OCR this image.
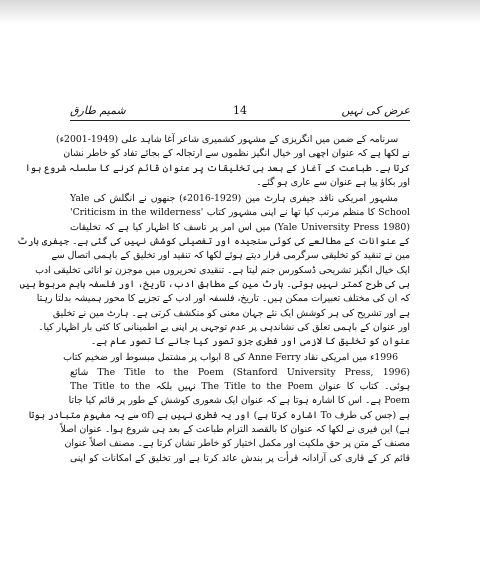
شمیم طارق	14	عرض کی نہیں
سرنامہ کے ضمن میں انگریزی کے مشہور کشمیری شاعر آغا شاہد علی (1949-2001ء)
نے لکھا ہے کہ عنوان اچھی اور خیال انگیز نظموں سے ارتجالہ کے بجائے تفاد کو خاطر نشان
کرتا ہے۔ طباعت کے آغاز کے بعد ہی تخلیقات پر عنوان قائم کرنے کا سلسلہ شروع ہوا
اور بکاؤ پیا ہے عنوان سے عاری ہو گئے۔
مشہور امریکی ناقد جیفری ہارٹ مین (1929-2016ء) جنھوں نے انگلش کی Yale
School کا منظم مرتب کیا تھا نے اپنی مشہور کتاب 'Criticism in the wilderness'
(Yale University Press 1980) میں اس امر پر تاسف کا اظہار کیا ہے کہ تخلیقات
کے عنوانات کے مطالعے کی کوئی سنجیدہ اور تفصیلی کوشش نہیں کی گئی ہے۔ جیفری ہارٹ
مین نے تنقید کو تخلیقی سرگرمی قرار دیتے ہوئے لکھا کہ تنقید اور تخلیق کے باہمی اتصال سے
ایک خیال انگیز تشریحی ڈسکورس جنم لیتا ہے۔ تنقیدی تحریروں میں موجزن تو انائی تخلیقی ادب
ہی کی طرح کمتر نہیں ہوتی۔ ہارٹ مین کے مطابق ادب، تاریخ، اور فلسفہ باہم مربوط ہیں
کہ ان کی مختلف تعبیرات ممکن ہیں۔ تاریخ، فلسفہ اور ادب کے تجزیے کا محور ہمیشہ بدلتا رہتا
ہے اور تشریح کی ہر کوشش ایک نئے جہان معنی کو منکشف کرتی ہے۔ ہارٹ مین نے تخلیق
اور عنوان کے باہمی تعلق کی نشاندہی پر عدم توجہی پر اپنی بے اطمینانی کا کئی بار اظہار کیا۔
عنوان کو تخلیق کا لازمی اور فطری جزو تصور کیا جانے کا تصور عام ہے۔
1996ء میں امریکی نقاد Anne Ferry کی 8 ابواب پر مشتمل مبسوط اور ضخیم کتاب
(Stanford University Press, 1996) The Title to the Poem شائع
ہوئی۔ کتاب کا عنوان The Title to the Poem نہیں بلکہ The Title to the
Poem ہے۔ اس کا اشارہ ہوتا ہے کہ عنوان ایک شعوری کوشش کے طور پر قائم کیا جاتا
ہے (جس کی طرف To اشارہ کرتا ہے) اور یہ فطری نہیں ہے (of سے یہ مفہوم متبادر ہوتا
ہے) این فیری نے لکھا کہ عنوان کا بالقصد التزام طباعت کے بعد ہی شروع ہوا۔ عنوان اصلاً
مصنف کے متن پر حق ملکیت اور مکمل اختیار کو خاطر نشان کرتا ہے۔ مصنف اصلاً عنوان
قائم کر کے قاری کی آزادانہ قرأت پر بندش عائد کرتا ہے اور تخلیق کے امکانات کو اپنی
